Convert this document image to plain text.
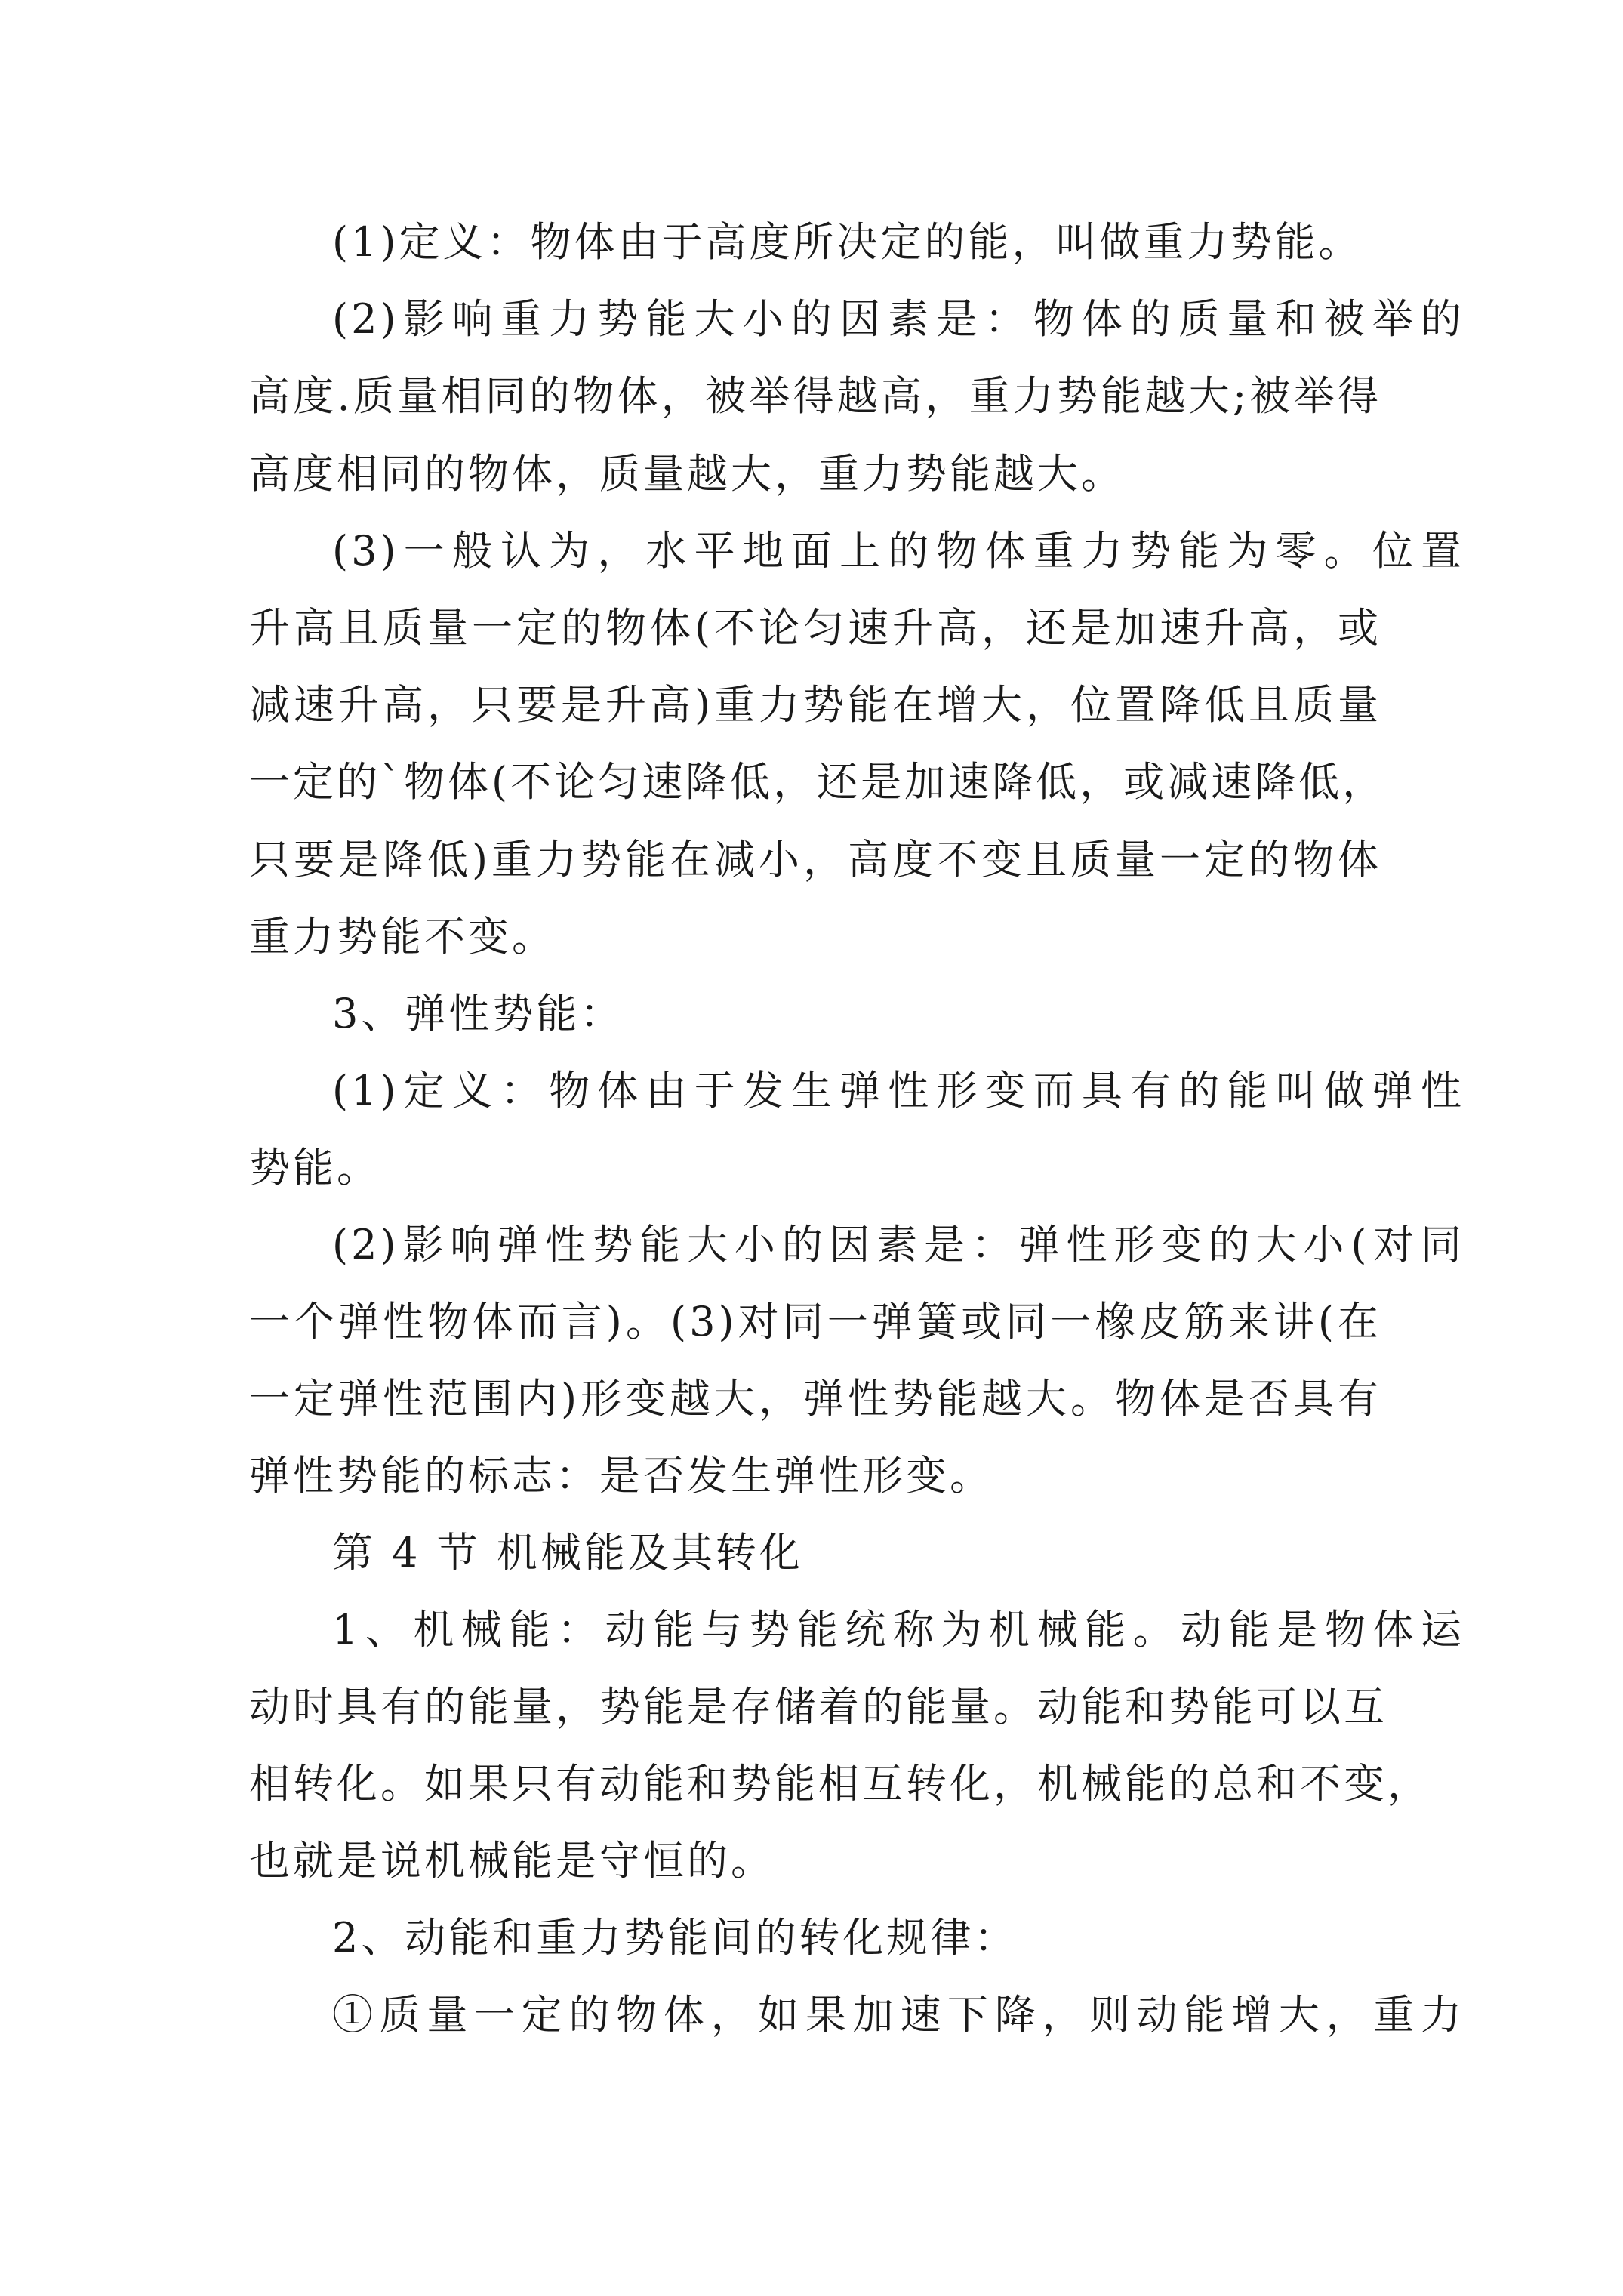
(1)定义：物体由于高度所决定的能，叫做重力势能。
(2)影响重力势能大小的因素是：物体的质量和被举的
高度.质量相同的物体，被举得越高，重力势能越大;被举得
高度相同的物体，质量越大，重力势能越大。
(3)一般认为，水平地面上的物体重力势能为零。位置
升高且质量一定的物体(不论匀速升高，还是加速升高，或
减速升高，只要是升高)重力势能在增大，位置降低且质量
一定的`物体(不论匀速降低，还是加速降低，或减速降低，
只要是降低)重力势能在减小，高度不变且质量一定的物体
重力势能不变。
3、弹性势能：
(1)定义：物体由于发生弹性形变而具有的能叫做弹性
势能。
(2)影响弹性势能大小的因素是：弹性形变的大小(对同
一个弹性物体而言)。(3)对同一弹簧或同一橡皮筋来讲(在
一定弹性范围内)形变越大，弹性势能越大。物体是否具有
弹性势能的标志：是否发生弹性形变。
第 4 节 机械能及其转化
1、机械能：动能与势能统称为机械能。动能是物体运
动时具有的能量，势能是存储着的能量。动能和势能可以互
相转化。如果只有动能和势能相互转化，机械能的总和不变，
也就是说机械能是守恒的。
2、动能和重力势能间的转化规律：
①质量一定的物体，如果加速下降，则动能增大，重力
